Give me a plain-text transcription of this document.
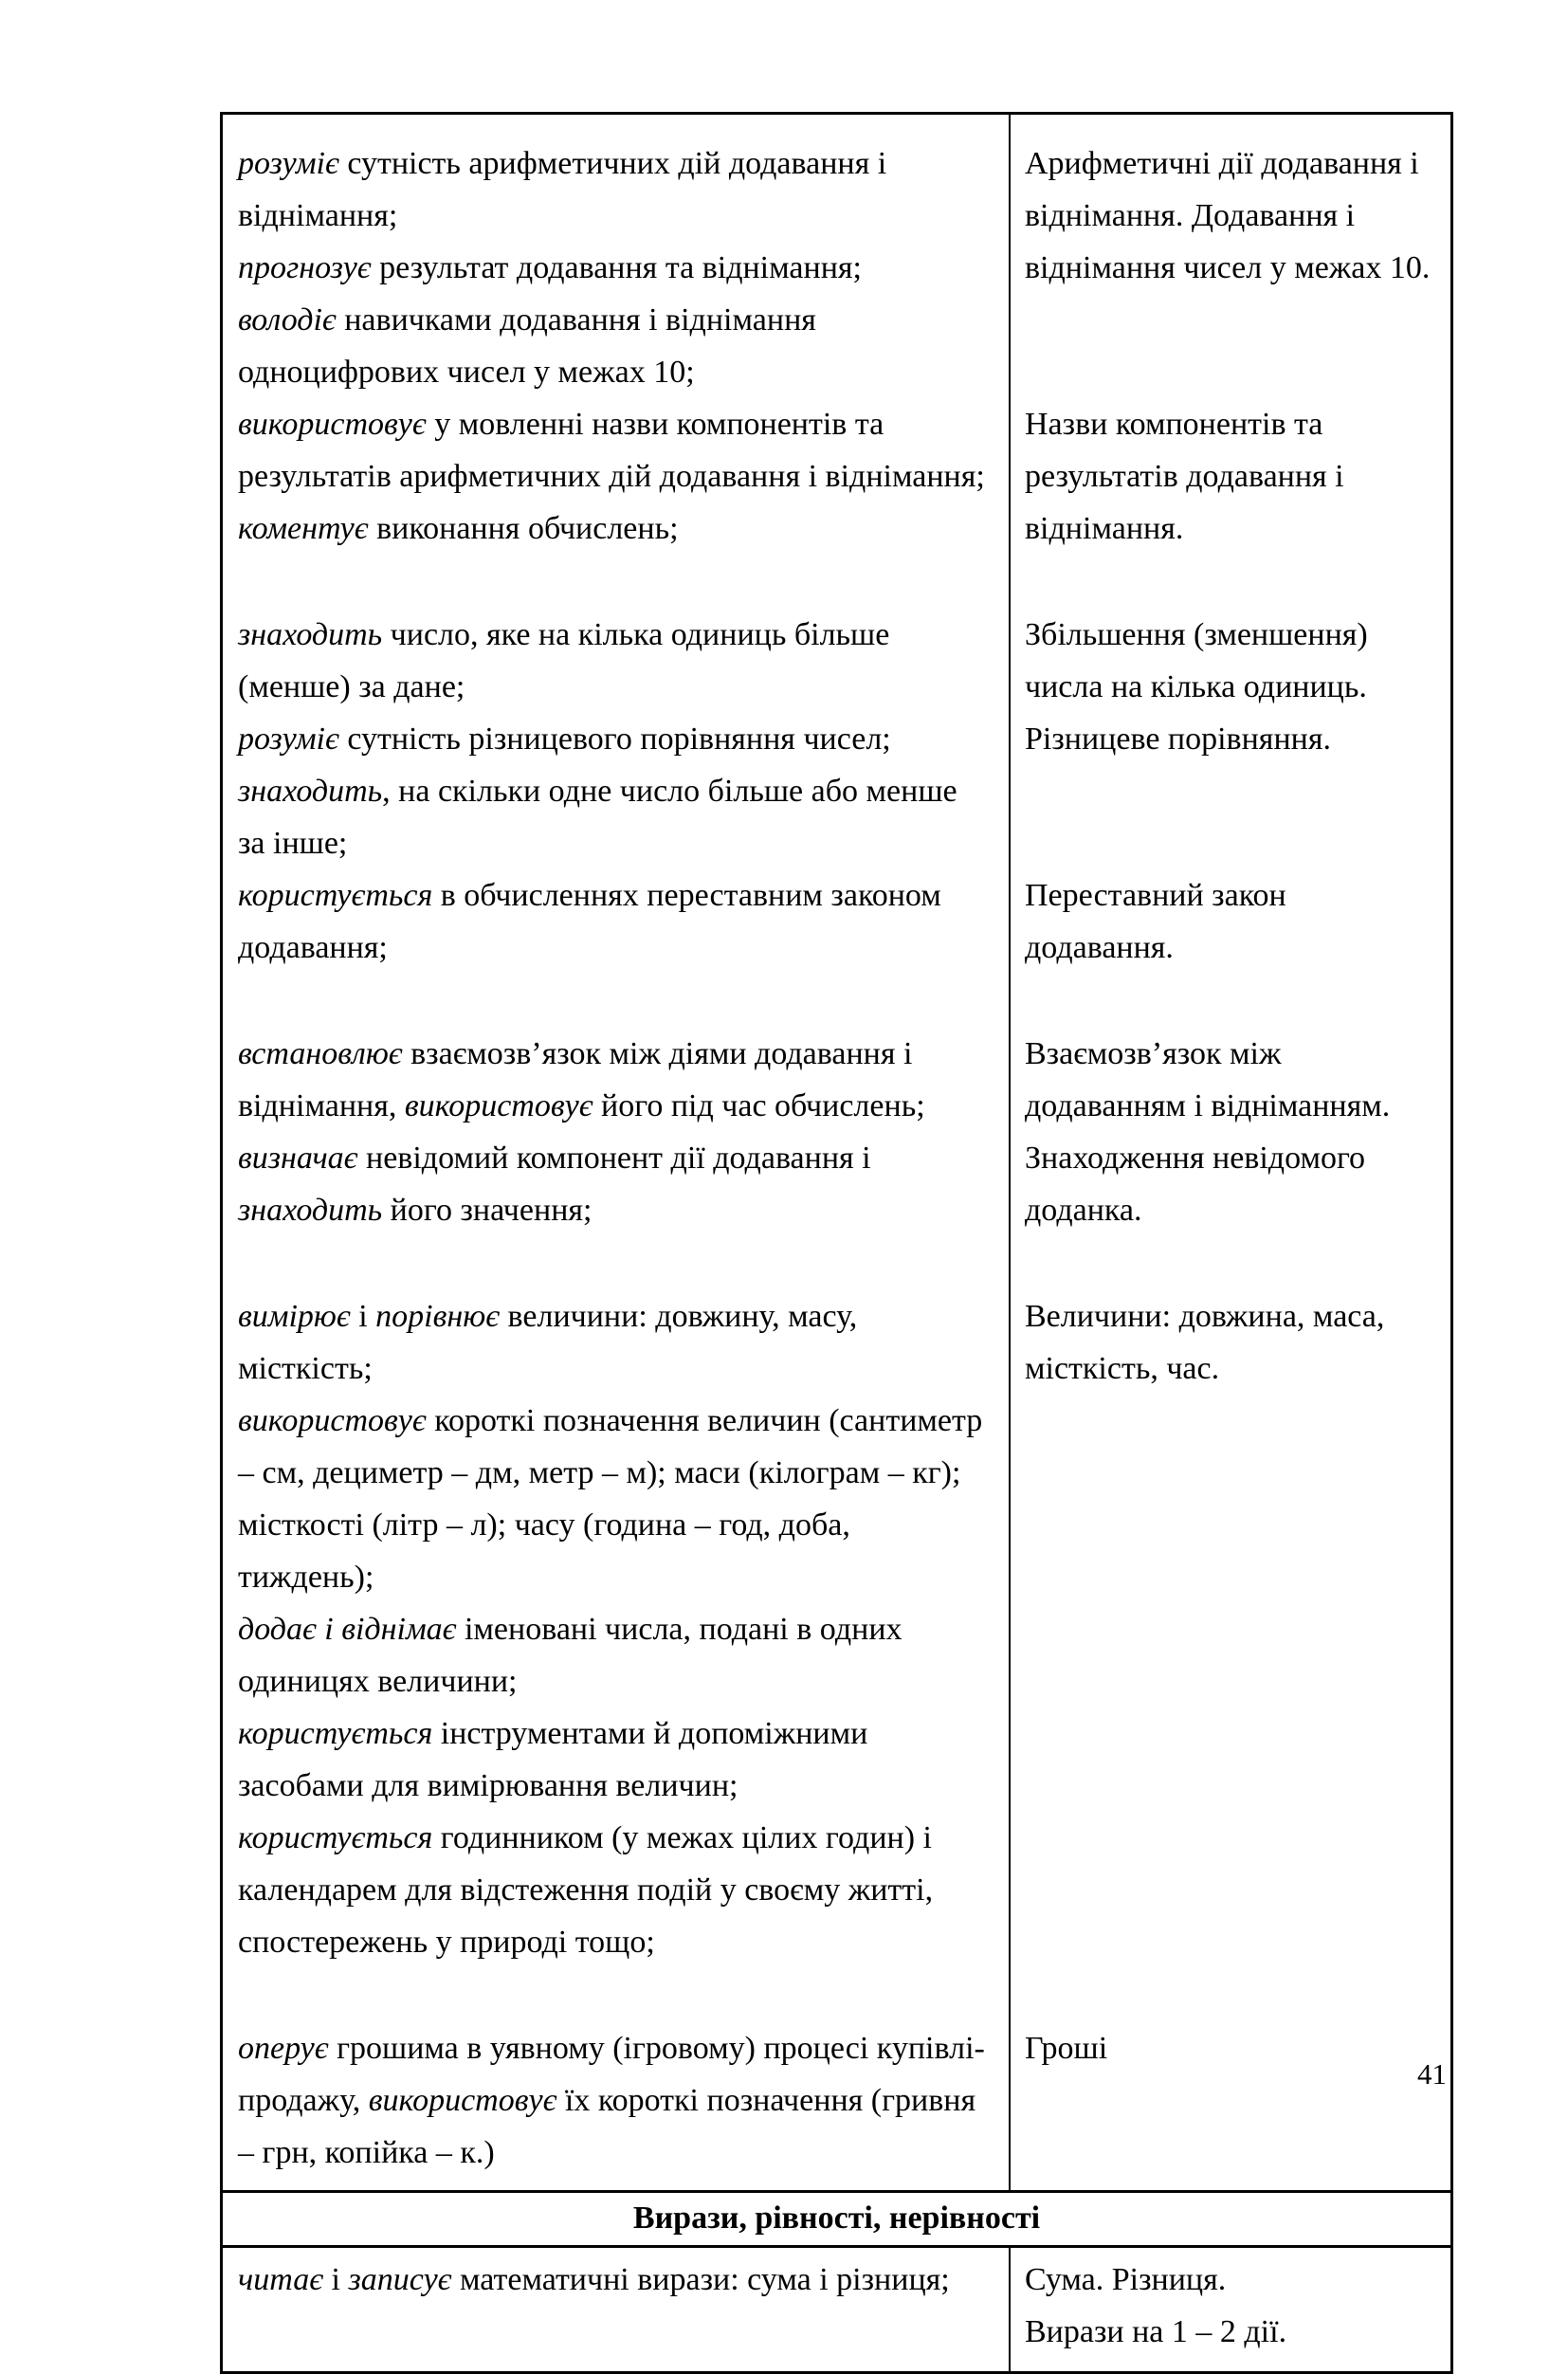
розуміє сутність арифметичних дій додавання і віднімання;
прогнозує результат додавання та віднімання;
володіє навичками додавання і віднімання одноцифрових чисел у межах 10;
Арифметичні дії додавання і віднімання. Додавання і віднімання чисел у межах 10.
використовує у мовленні назви компонентів та результатів арифметичних дій додавання і віднімання;
коментує виконання обчислень;
Назви компонентів та результатів додавання і віднімання.
знаходить число, яке на кілька одиниць більше (менше) за дане;
розуміє сутність різницевого порівняння чисел;
знаходить, на скільки одне число більше або менше за інше;
Збільшення (зменшення) числа на кілька одиниць. Різницеве порівняння.
користується в обчисленнях переставним законом додавання;
Переставний закон додавання.
встановлює взаємозв’язок між діями додавання і віднімання, використовує його під час обчислень;
визначає невідомий компонент дії додавання і знаходить його значення;
Взаємозв’язок між додаванням і відніманням. Знаходження невідомого доданка.
вимірює і порівнює величини: довжину, масу, місткість;
використовує короткі позначення величин (сантиметр – см, дециметр – дм, метр – м); маси (кілограм – кг); місткості (літр – л); часу (година – год, доба, тиждень);
додає і віднімає іменовані числа, подані в одних одиницях величини;
користується інструментами й допоміжними засобами для вимірювання величин;
користується годинником (у межах цілих годин) і календарем для відстеження подій у своєму житті, спостережень у природі тощо;
Величини: довжина, маса, місткість, час.
оперує грошима в уявному (ігровому) процесі купівлі-продажу, використовує їх короткі позначення (гривня – грн, копійка – к.)
Гроші
Вирази, рівності, нерівності
читає і записує математичні вирази: сума і різниця;	Сума. Різниця.
Вирази на 1 – 2 дії.
41
